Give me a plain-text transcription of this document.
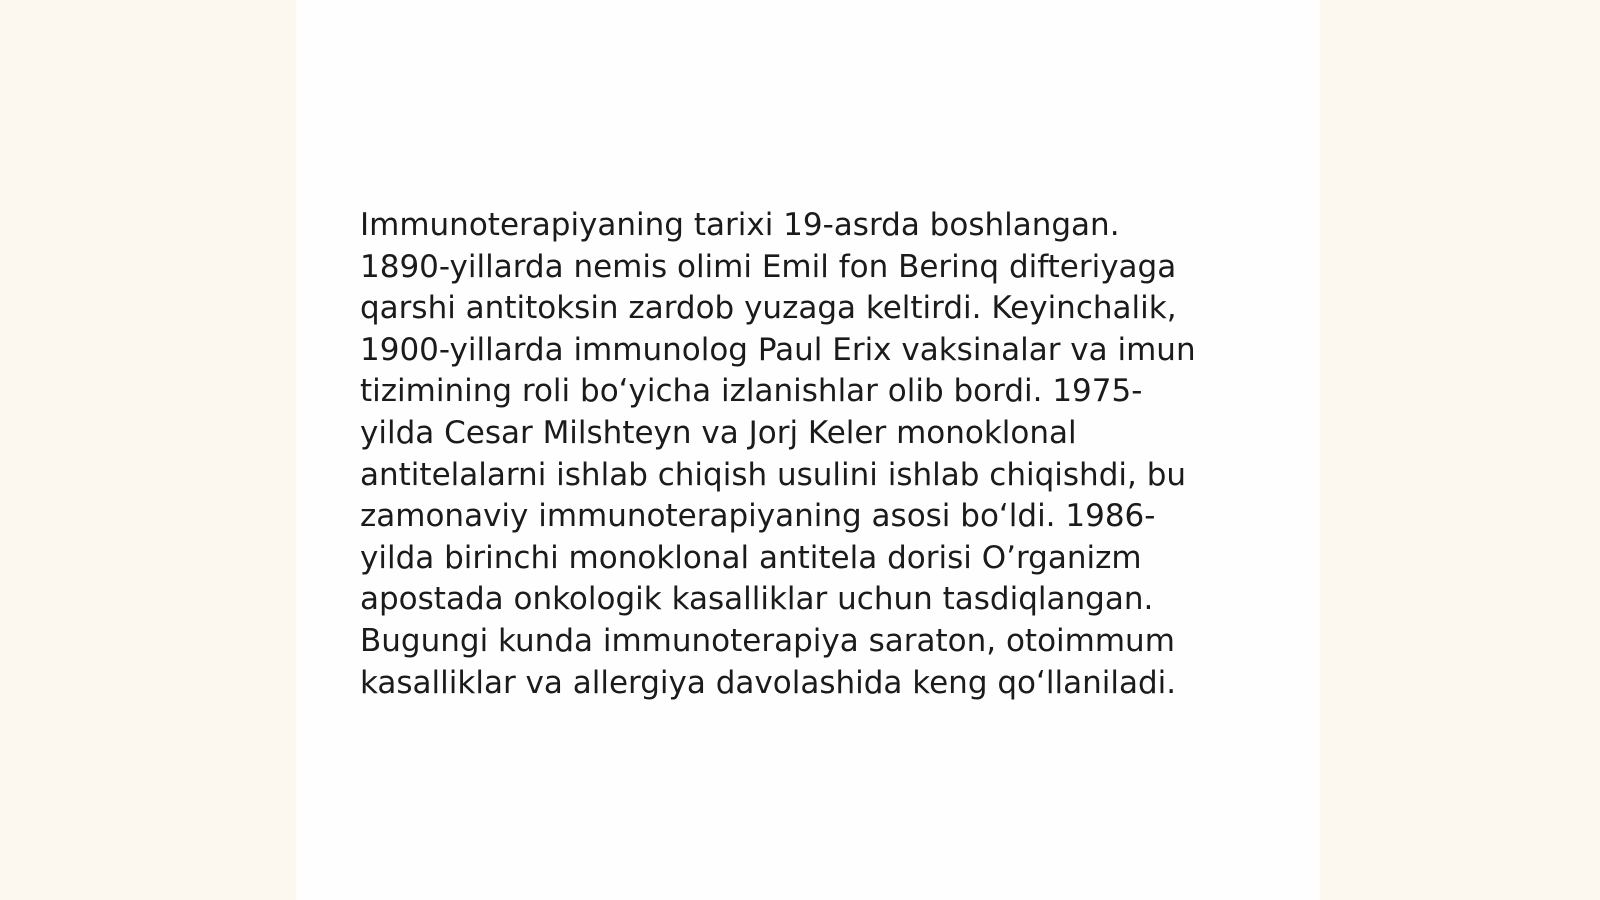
Immunoterapiyaning tarixi 19-asrda boshlangan.
1890-yillarda nemis olimi Emil fon Berinq difteriyaga
qarshi antitoksin zardob yuzaga keltirdi. Keyinchalik,
1900-yillarda immunolog Paul Erix vaksinalar va imun
tizimining roli bo‘yicha izlanishlar olib bordi. 1975-
yilda Cesar Milshteyn va Jorj Keler monoklonal
antitelalarni ishlab chiqish usulini ishlab chiqishdi, bu
zamonaviy immunoterapiyaning asosi bo‘ldi. 1986-
yilda birinchi monoklonal antitela dorisi O’rganizm
apostada onkologik kasalliklar uchun tasdiqlangan.
Bugungi kunda immunoterapiya saraton, otoimmum
kasalliklar va allergiya davolashida keng qo‘llaniladi.
